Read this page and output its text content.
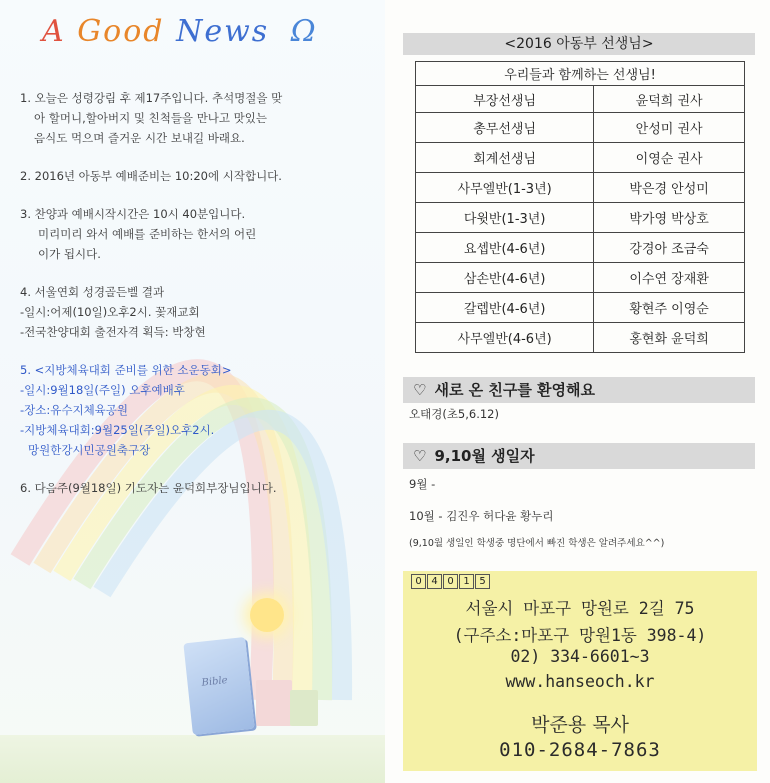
A Good News Ω

1. 오늘은 성령강림 후 제17주입니다. 추석명절을 맞

아 할머니,할아버지 및 친척들을 만나고 맛있는

음식도 먹으며 즐거운 시간 보내길 바래요.

2. 2016년 아동부 예배준비는 10:20에 시작합니다.

3. 찬양과 예배시작시간은 10시 40분입니다.

미리미리 와서 예배를 준비하는 한서의 어린

이가 됩시다.

4. 서울연회 성경골든벨 결과

-일시:어제(10일)오후2시. 꽃재교회

-전국찬양대회 출전자격 획득: 박창현

5. <지방체육대회 준비를 위한 소운동회>

-일시:9월18일(주일) 오후예배후

-장소:유수지체육공원

-지방체육대회:9월25일(주일)오후2시.

망원한강시민공원축구장

6. 다음주(9월18일) 기도자는 윤덕희부장님입니다.

Bible
<2016 아동부 선생님>
우리들과 함께하는 선생님!	
부장선생님	윤덕희 권사
총무선생님	안성미 권사
회계선생님	이영순 권사
사무엘반(1-3년)	박은경 안성미
다윗반(1-3년)	박가영 박상호
요셉반(4-6년)	강경아 조금숙
삼손반(4-6년)	이수연 장재환
갈렙반(4-6년)	황현주 이영순
사무엘반(4-6년)	홍현화 윤덕희
♡ 새로 온 친구를 환영해요
오태경(초5,6.12)
♡ 9,10월 생일자
9월 -
10월 - 김진우 허다윤 황누리
(9,10월 생일인 학생중 명단에서 빠진 학생은 알려주세요^^)
0 4 0 1 5
서울시 마포구 망원로 2길 75
(구주소:마포구 망원1동 398-4)
02) 334-6601~3
www.hanseoch.kr
박준용 목사
010-2684-7863
